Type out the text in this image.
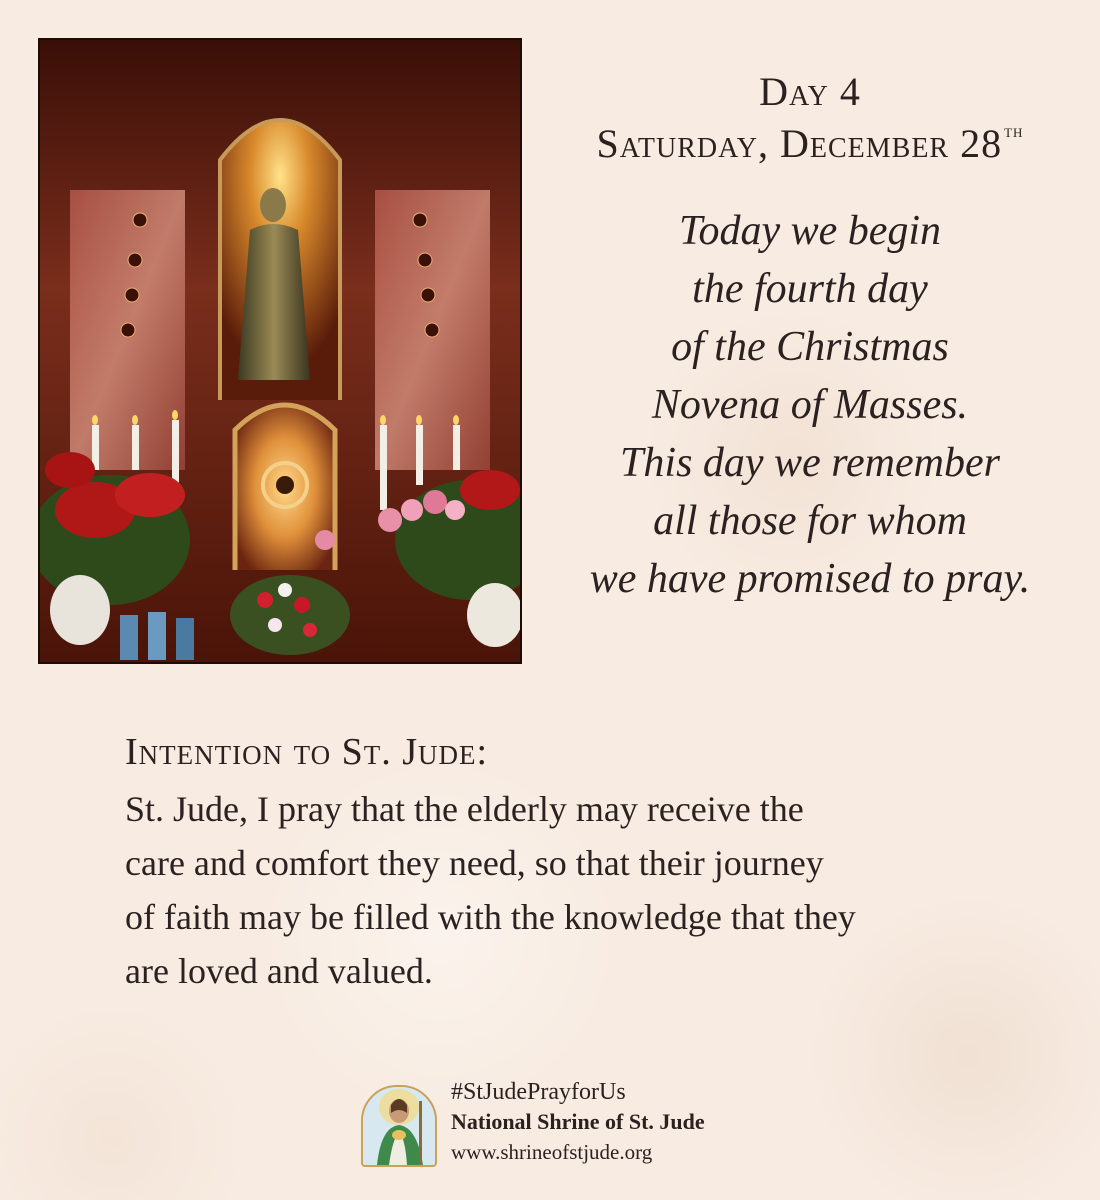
Day 4
Saturday, December 28 $^{th}$
Today we begin
the fourth day
of the Christmas
Novena of Masses.
This day we remember
all those for whom
we have promised to pray.
Intention to St. Jude:
St. Jude, I pray that the elderly may receive the
care and comfort they need, so that their journey
of faith may be filled with the knowledge that they
are loved and valued.
#StJudePrayforUs
National Shrine of St. Jude
www.shrineofstjude.org
